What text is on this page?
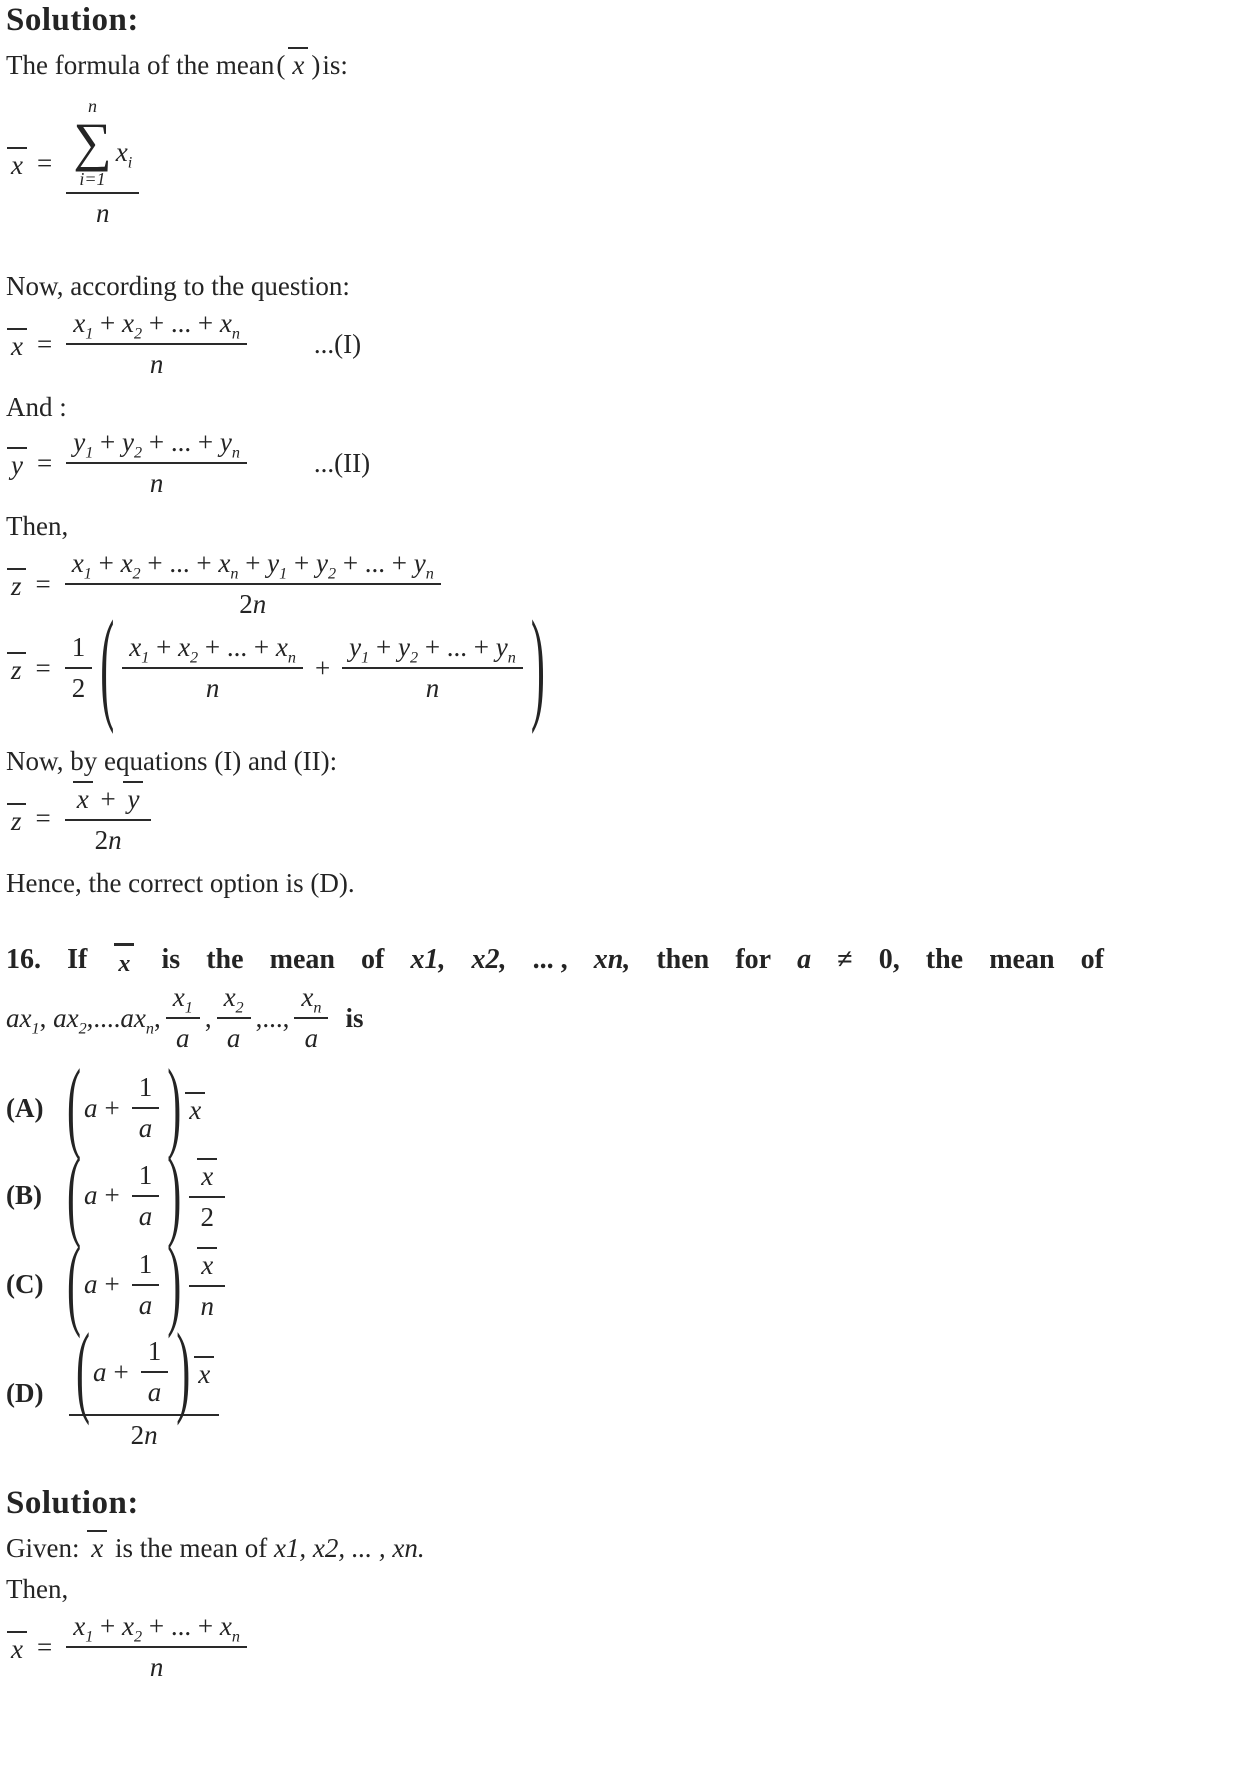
Solution:

The formula of the mean( x )is:

x = n
∑
i=1
$x_i$
n

Now, according to the question:

$x = \frac{x_1 + x_2 + ... + x_n}{n} ...(I)$

And :

$y = \frac{y_1 + y_2 + ... + y_n}{n} ...(II)$

Then,

$z = \frac{x_1 + x_2 + ... + x_n + y_1 + y_2 + ... + y_n}{2n}$
$z = \frac{1}{2}$ ( $\frac{x_1 + x_2 + ... + x_n}{n} + \frac{y_1 + y_2 + ... + y_n}{n}$ )

Now, by equations (I) and (II):

$z = \frac{x + y}{2n}$

Hence, the correct option is (D).

16. If x is the mean of x1, x2, ... , xn, then for a ≠ 0, the mean of

$ax_1$, $ax_2,....ax_n$, $\frac{x_1}{a}$ , $\frac{x_2}{a}$ ,..., $\frac{x_n}{a}$ is
(A) ( $a + \frac{1}{a}$ ) x
(B) ( $a + \frac{1}{a}$ ) $\frac{x}{2}$
(C) ( $a + \frac{1}{a}$ ) $\frac{x}{n}$
(D) ( $a + \frac{1}{a}$ ) x
2n
Solution:

Given: x is the mean of x1, x2, ... , xn.

Then,

$x = \frac{x_1 + x_2 + ... + x_n}{n}$
